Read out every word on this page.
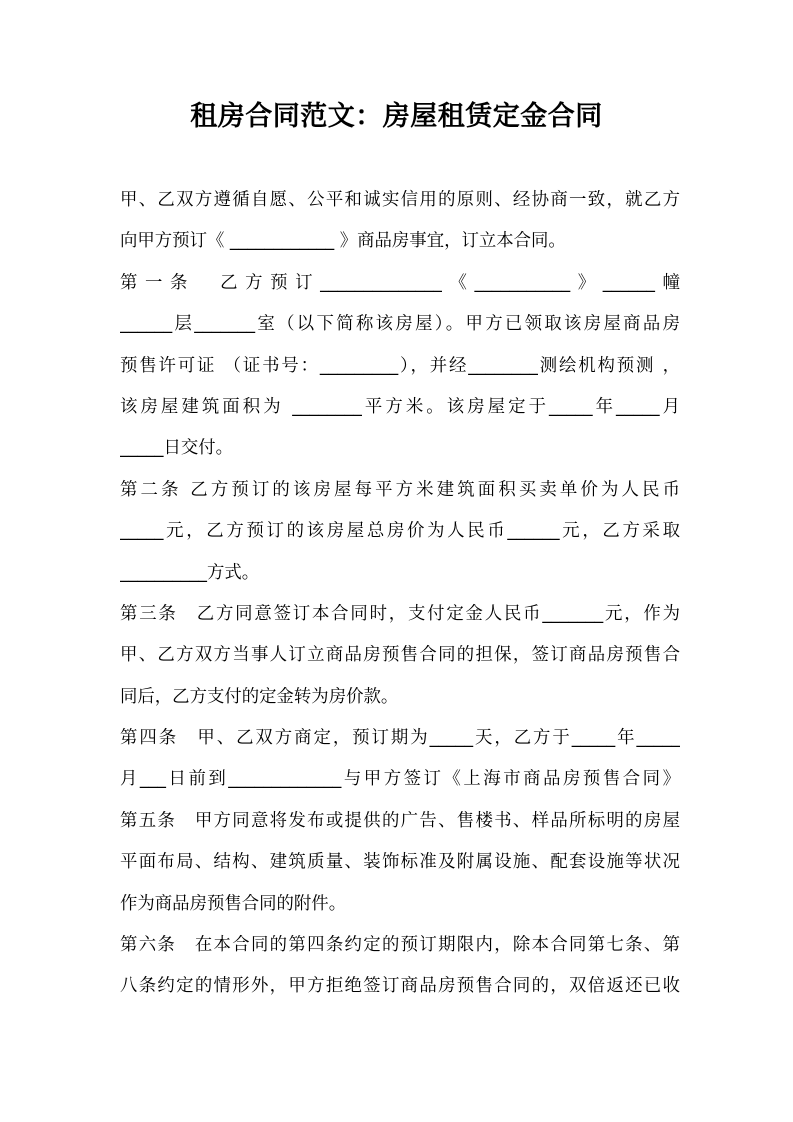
租房合同范文：房屋租赁定金合同
甲、乙双方遵循自愿、公平和诚实信用的原则、经协商一致，就乙方
向甲方预订《 ____________ 》商品房事宜，订立本合同。
第一条　乙方预订______________《___________》______幢
______层_______室（以下简称该房屋）。甲方已领取该房屋商品房
预售许可证 （证书号：_________），并经________测绘机构预测 ，
该房屋建筑面积为 ________平方米。该房屋定于_____年_____月
_____日交付。
第二条 乙方预订的该房屋每平方米建筑面积买卖单价为人民币
_____元，乙方预订的该房屋总房价为人民币______元，乙方采取
__________方式。
第三条　乙方同意签订本合同时，支付定金人民币_______元，作为
甲、乙方双方当事人订立商品房预售合同的担保，签订商品房预售合
同后，乙方支付的定金转为房价款。
第四条　甲、乙双方商定，预订期为_____天，乙方于_____年_____
月___日前到_____________与甲方签订《上海市商品房预售合同》
第五条　甲方同意将发布或提供的广告、售楼书、样品所标明的房屋
平面布局、结构、建筑质量、装饰标准及附属设施、配套设施等状况
作为商品房预售合同的附件。
第六条　在本合同的第四条约定的预订期限内，除本合同第七条、第
八条约定的情形外，甲方拒绝签订商品房预售合同的，双倍返还已收
